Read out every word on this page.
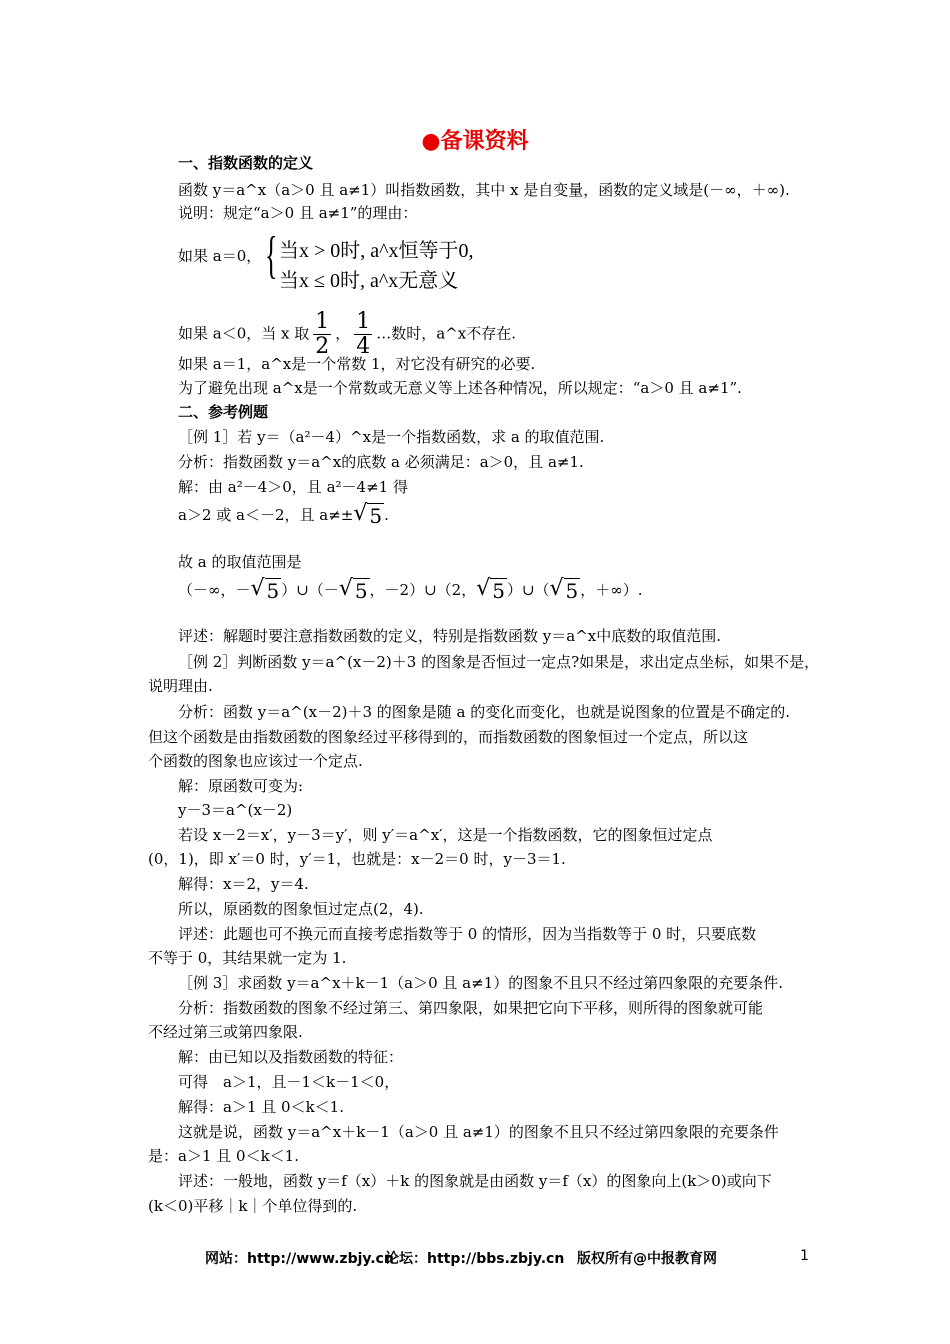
●备课资料
一、指数函数的定义
函数 y＝a^x（a＞0 且 a≠1）叫指数函数，其中 x 是自变量，函数的定义域是(－∞，＋∞).
说明：规定“a＞0 且 a≠1”的理由：
如果 a＝0， { 当x > 0时, a^x恒等于0,
当x ≤ 0时, a^x无意义
如果 a＜0，当 x 取 $\frac{1}{2}$ ， $\frac{1}{4}$ …数时，a^x不存在.
如果 a＝1，a^x是一个常数 1，对它没有研究的必要.
为了避免出现 a^x是一个常数或无意义等上述各种情况，所以规定：“a＞0 且 a≠1”.
二、参考例题
［例 1］若 y＝（a²－4）^x是一个指数函数，求 a 的取值范围.
分析：指数函数 y＝a^x的底数 a 必须满足：a＞0，且 a≠1.
解：由 a²－4＞0，且 a²－4≠1 得
a＞2 或 a＜－2，且 a≠± √ 5 .
故 a 的取值范围是
（－∞，－ √ 5 ）∪（－ √ 5 ，－2）∪（2， √ 5 ）∪（ √ 5 ，＋∞）.
评述：解题时要注意指数函数的定义，特别是指数函数 y＝a^x中底数的取值范围.
［例 2］判断函数 y＝a^(x－2)＋3 的图象是否恒过一定点?如果是，求出定点坐标，如果不是，
说明理由.
分析：函数 y＝a^(x－2)＋3 的图象是随 a 的变化而变化，也就是说图象的位置是不确定的.
但这个函数是由指数函数的图象经过平移得到的，而指数函数的图象恒过一个定点，所以这
个函数的图象也应该过一个定点.
解：原函数可变为:
y－3＝a^(x－2)
若设 x－2＝x′，y－3＝y′，则 y′＝a^x′，这是一个指数函数，它的图象恒过定点
(0，1)，即 x′＝0 时，y′＝1，也就是：x－2＝0 时，y－3＝1.
解得：x＝2，y＝4.
所以，原函数的图象恒过定点(2，4).
评述：此题也可不换元而直接考虑指数等于 0 的情形，因为当指数等于 0 时，只要底数
不等于 0，其结果就一定为 1.
［例 3］求函数 y＝a^x＋k－1（a＞0 且 a≠1）的图象不且只不经过第四象限的充要条件.
分析：指数函数的图象不经过第三、第四象限，如果把它向下平移，则所得的图象就可能
不经过第三或第四象限.
解：由已知以及指数函数的特征：
可得　a＞1，且－1＜k－1＜0，
解得：a＞1 且 0＜k＜1.
这就是说，函数 y＝a^x＋k－1（a＞0 且 a≠1）的图象不且只不经过第四象限的充要条件
是：a＞1 且 0＜k＜1.
评述：一般地，函数 y＝f（x）＋k 的图象就是由函数 y＝f（x）的图象向上(k＞0)或向下
(k＜0)平移｜k｜个单位得到的.
网站：http://www.zbjy.cn
论坛：http://bbs.zbjy.cn 版权所有@中报教育网	1
